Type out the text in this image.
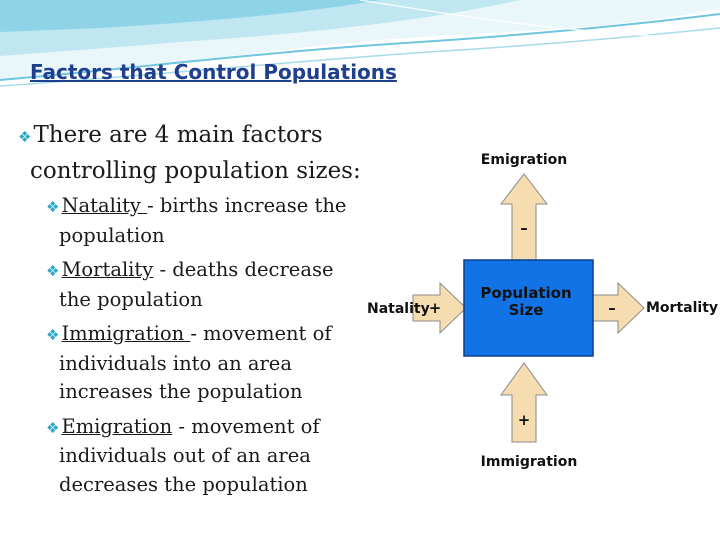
Factors that Control Populations
❖There are 4 main factors controlling population sizes:
❖ Natality - births increase the population
❖ Mortality - deaths decrease the population
❖ Immigration - movement of individuals into an area increases the population
❖ Emigration - movement of individuals out of an area decreases the population
Population
Size
Emigration
Immigration
Natality	Mortality
–
+
+	–
